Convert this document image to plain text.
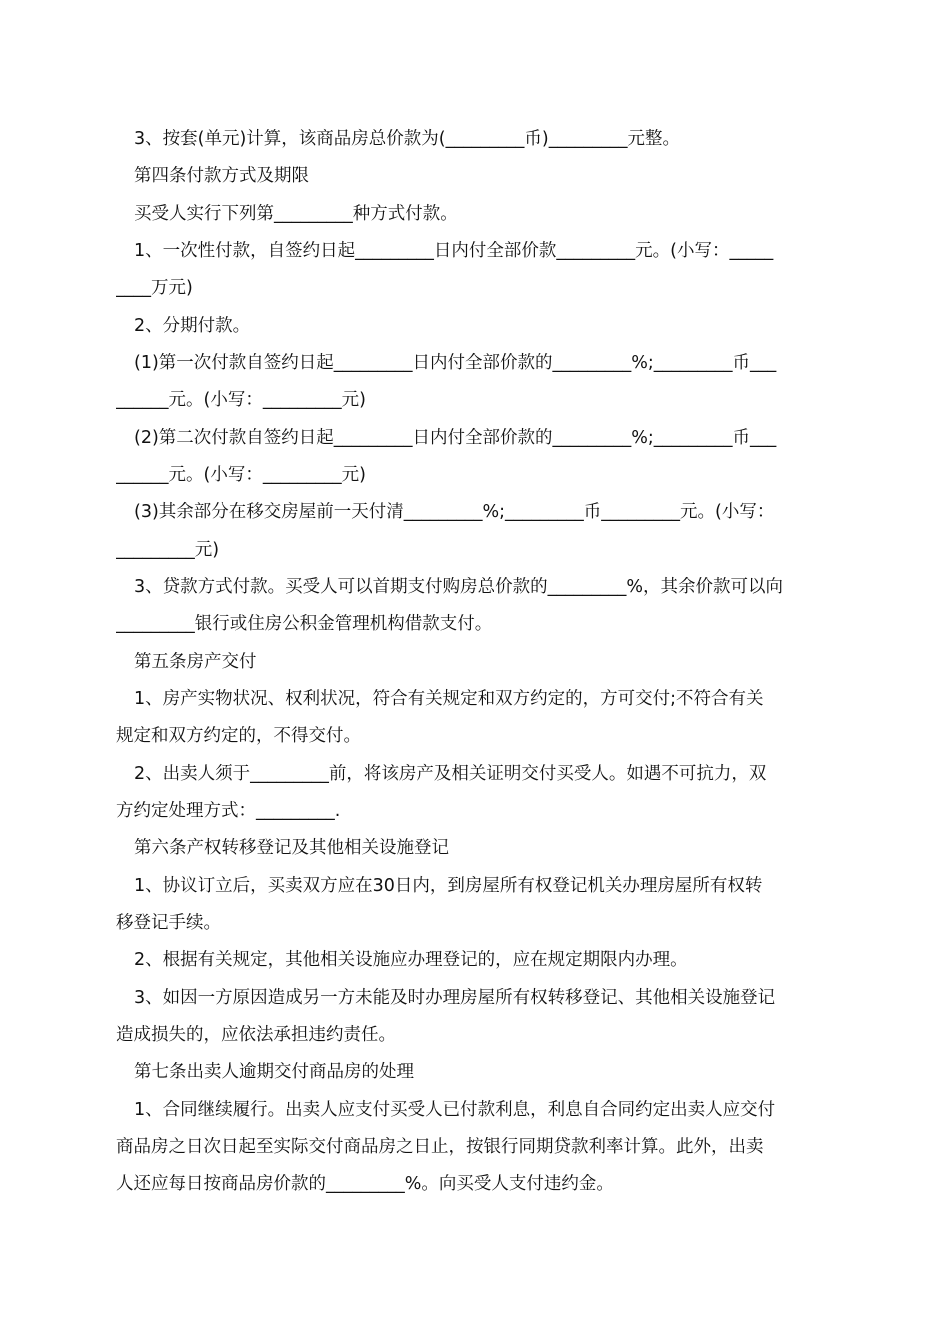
3、按套(单元)计算，该商品房总价款为(_________币)_________元整。
第四条付款方式及期限
买受人实行下列第_________种方式付款。
1、一次性付款，自签约日起_________日内付全部价款_________元。(小写：_____
____万元)
2、分期付款。
(1)第一次付款自签约日起_________日内付全部价款的_________%;_________币___
______元。(小写：_________元)
(2)第二次付款自签约日起_________日内付全部价款的_________%;_________币___
______元。(小写：_________元)
(3)其余部分在移交房屋前一天付清_________%;_________币_________元。(小写：
_________元)
3、贷款方式付款。买受人可以首期支付购房总价款的_________%，其余价款可以向
_________银行或住房公积金管理机构借款支付。
第五条房产交付
1、房产实物状况、权利状况，符合有关规定和双方约定的，方可交付;不符合有关
规定和双方约定的，不得交付。
2、出卖人须于_________前，将该房产及相关证明交付买受人。如遇不可抗力，双
方约定处理方式：_________.
第六条产权转移登记及其他相关设施登记
1、协议订立后，买卖双方应在30日内，到房屋所有权登记机关办理房屋所有权转
移登记手续。
2、根据有关规定，其他相关设施应办理登记的，应在规定期限内办理。
3、如因一方原因造成另一方未能及时办理房屋所有权转移登记、其他相关设施登记
造成损失的，应依法承担违约责任。
第七条出卖人逾期交付商品房的处理
1、合同继续履行。出卖人应支付买受人已付款利息，利息自合同约定出卖人应交付
商品房之日次日起至实际交付商品房之日止，按银行同期贷款利率计算。此外，出卖
人还应每日按商品房价款的_________%。向买受人支付违约金。
